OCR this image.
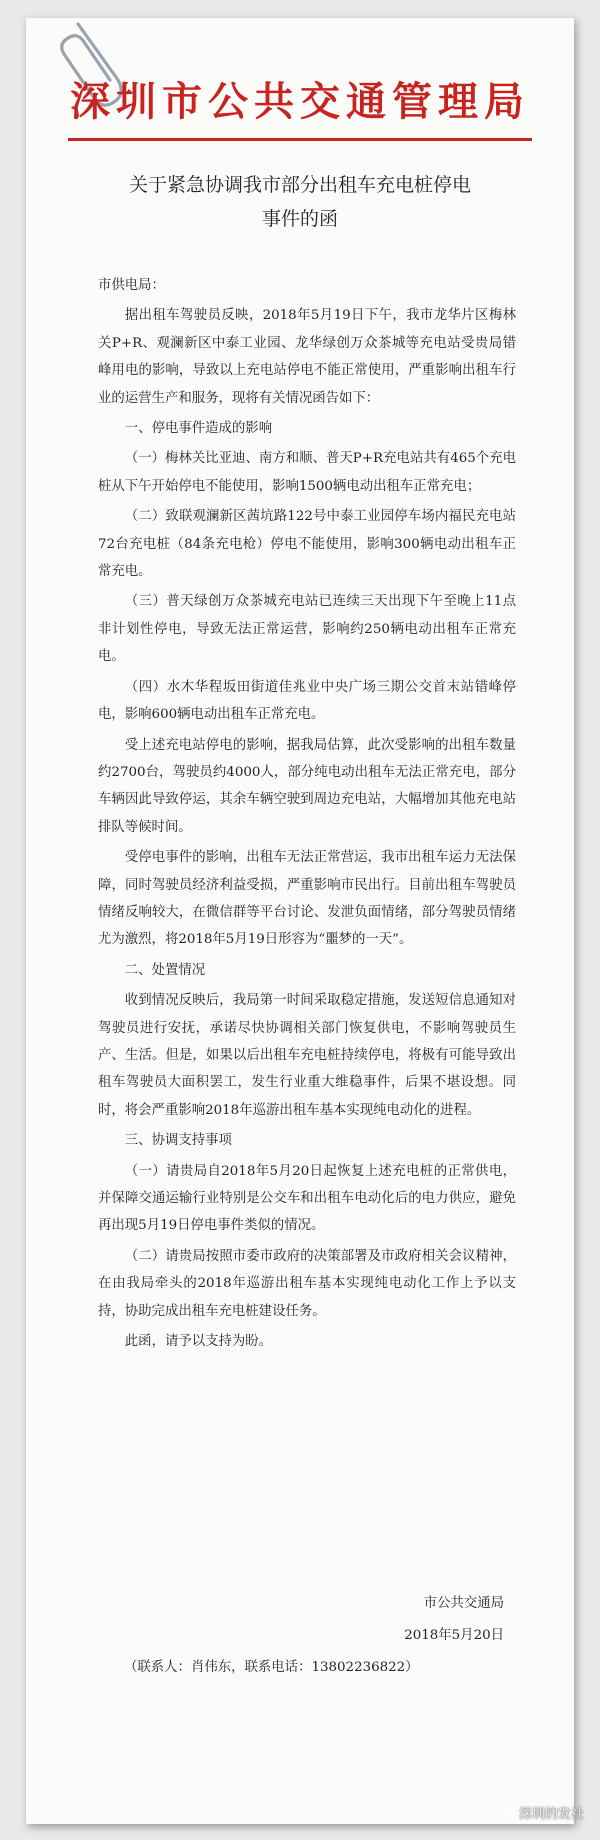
深圳市公共交通管理局
关于紧急协调我市部分出租车充电桩停电
事件的函

市供电局：

据出租车驾驶员反映，2018年5月19日下午，我市龙华片区梅林关P+R、观澜新区中泰工业园、龙华绿创万众茶城等充电站受贵局错峰用电的影响，导致以上充电站停电不能正常使用，严重影响出租车行业的运营生产和服务，现将有关情况函告如下：

一、停电事件造成的影响

（一）梅林关比亚迪、南方和顺、普天P+R充电站共有465个充电桩从下午开始停电不能使用，影响1500辆电动出租车正常充电；

（二）致联观澜新区茜坑路122号中泰工业园停车场内福民充电站72台充电桩（84条充电枪）停电不能使用，影响300辆电动出租车正常充电。

（三）普天绿创万众茶城充电站已连续三天出现下午至晚上11点非计划性停电，导致无法正常运营，影响约250辆电动出租车正常充电。

（四）水木华程坂田街道佳兆业中央广场三期公交首末站错峰停电，影响600辆电动出租车正常充电。

受上述充电站停电的影响，据我局估算，此次受影响的出租车数量约2700台，驾驶员约4000人，部分纯电动出租车无法正常充电，部分车辆因此导致停运，其余车辆空驶到周边充电站，大幅增加其他充电站排队等候时间。

受停电事件的影响，出租车无法正常营运，我市出租车运力无法保障，同时驾驶员经济利益受损，严重影响市民出行。目前出租车驾驶员情绪反响较大，在微信群等平台讨论、发泄负面情绪，部分驾驶员情绪尤为激烈，将2018年5月19日形容为“噩梦的一天”。

二、处置情况

收到情况反映后，我局第一时间采取稳定措施，发送短信息通知对驾驶员进行安抚，承诺尽快协调相关部门恢复供电，不影响驾驶员生产、生活。但是，如果以后出租车充电桩持续停电，将极有可能导致出租车驾驶员大面积罢工，发生行业重大维稳事件，后果不堪设想。同时，将会严重影响2018年巡游出租车基本实现纯电动化的进程。

三、协调支持事项

（一）请贵局自2018年5月20日起恢复上述充电桩的正常供电，并保障交通运输行业特别是公交车和出租车电动化后的电力供应，避免再出现5月19日停电事件类似的情况。

（二）请贵局按照市委市政府的决策部署及市政府相关会议精神，在由我局牵头的2018年巡游出租车基本实现纯电动化工作上予以支持，协助完成出租车充电桩建设任务。

此函，请予以支持为盼。

市公共交通局

2018年5月20日

（联系人：肖伟东，联系电话：13802236822）

深圳的发社
